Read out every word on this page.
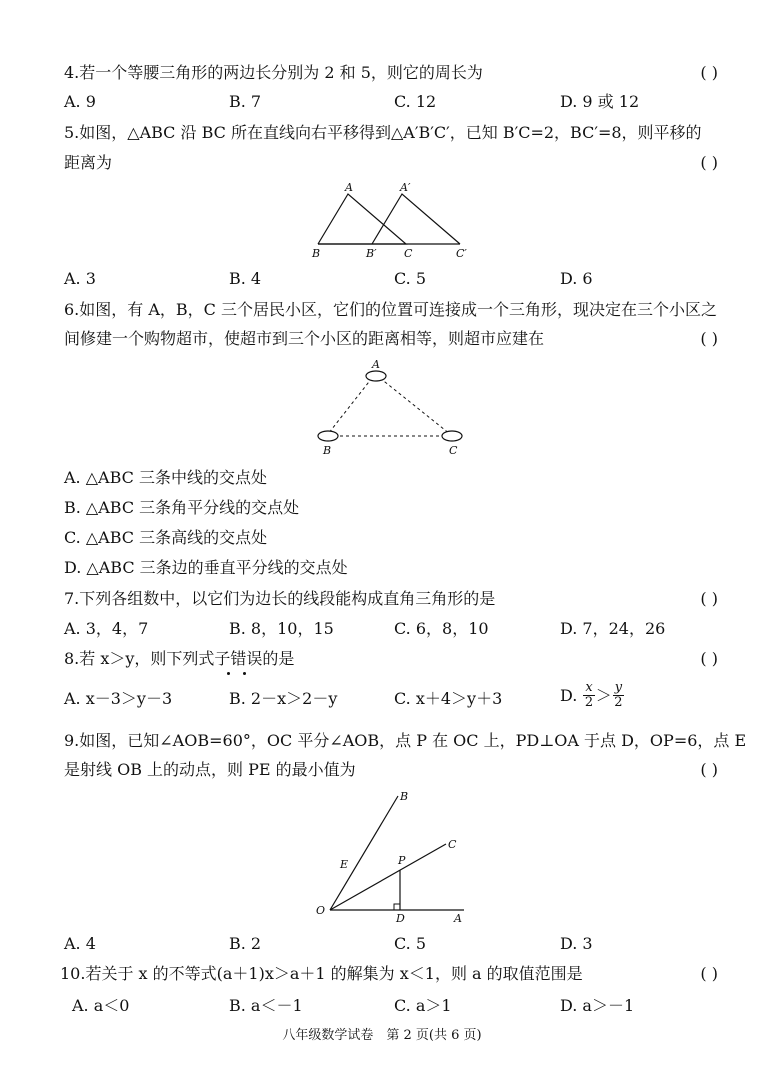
4.若一个等腰三角形的两边长分别为 2 和 5，则它的周长为	( )
A. 9	B. 7	C. 12	D. 9 或 12
5.如图，△ABC 沿 BC 所在直线向右平移得到△A′B′C′，已知 B′C=2，BC′=8，则平移的
距离为	( )
A	A′
B	B′ C	C′
A. 3	B. 4	C. 5	D. 6
6.如图，有 A，B，C 三个居民小区，它们的位置可连接成一个三角形，现决定在三个小区之
间修建一个购物超市，使超市到三个小区的距离相等，则超市应建在	( )
A
B	C
A. △ABC 三条中线的交点处
B. △ABC 三条角平分线的交点处
C. △ABC 三条高线的交点处
D. △ABC 三条边的垂直平分线的交点处
7.下列各组数中，以它们为边长的线段能构成直角三角形的是	( )
A. 3，4，7	B. 8，10，15	C. 6，8，10	D. 7，24，26
8.若 x＞y，则下列式子错误的是	( )
A. x－3＞y－3	B. 2－x＞2－y	C. x＋4＞y＋3	D. $\frac{x}{2} > \frac{y}{2}$
9.如图，已知∠AOB=60°，OC 平分∠AOB，点 P 在 OC 上，PD⊥OA 于点 D，OP=6，点 E
是射线 OB 上的动点，则 PE 的最小值为	( )
O
A
B
C
P
D
E
A. 4	B. 2	C. 5	D. 3
10.若关于 x 的不等式(a＋1)x＞a＋1 的解集为 x＜1，则 a 的取值范围是	( )
A. a＜0	B. a＜－1	C. a＞1	D. a＞－1
八年级数学试卷　第 2 页(共 6 页)
